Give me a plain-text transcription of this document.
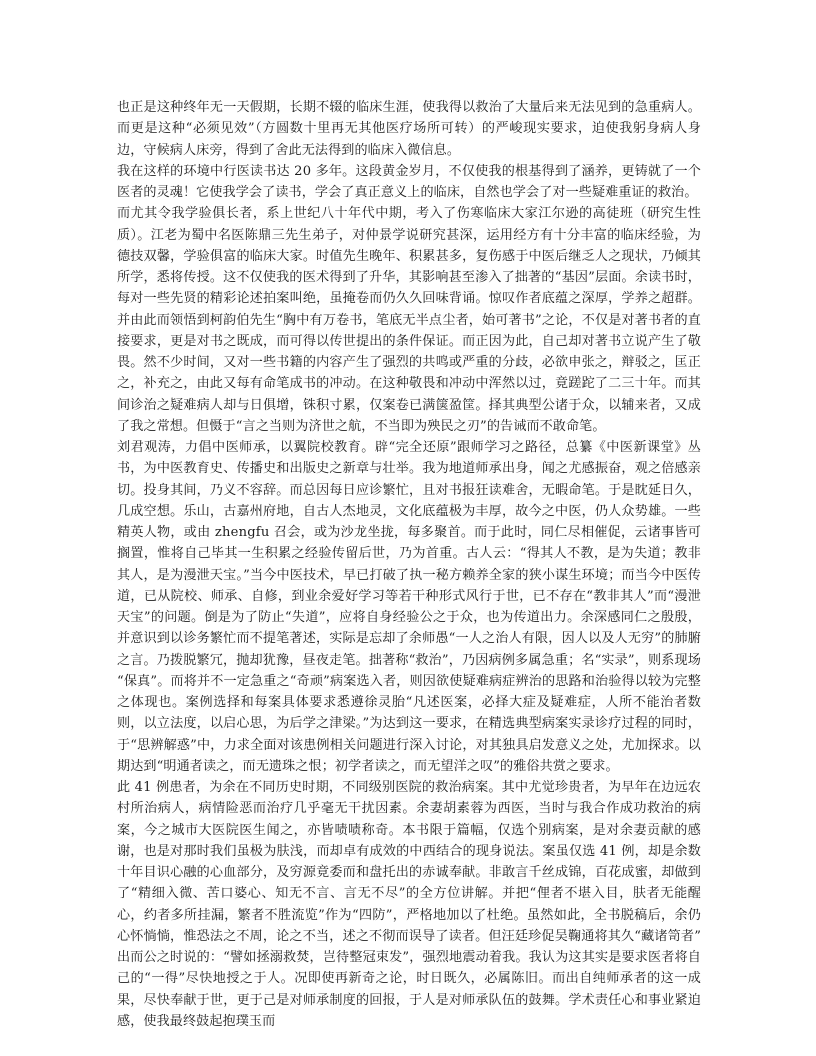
也正是这种终年无一天假期，长期不辍的临床生涯，使我得以救治了大量后来无法见到的急重病人。而更是这种“必须见效”（方圆数十里再无其他医疗场所可转）的严峻现实要求，迫使我躬身病人身边，守候病人床旁，得到了舍此无法得到的临床入微信息。

我在这样的环境中行医读书达 20 多年。这段黄金岁月，不仅使我的根基得到了涵养，更铸就了一个医者的灵魂！它使我学会了读书，学会了真正意义上的临床，自然也学会了对一些疑难重证的救治。

而尤其令我学验俱长者，系上世纪八十年代中期，考入了伤寒临床大家江尔逊的高徒班（研究生性质）。江老为蜀中名医陈鼎三先生弟子，对仲景学说研究甚深，运用经方有十分丰富的临床经验，为德技双馨，学验俱富的临床大家。时值先生晚年、积累甚多，复伤感于中医后继乏人之现状，乃倾其所学，悉将传授。这不仅使我的医术得到了升华，其影响甚至渗入了拙著的“基因”层面。余读书时，每对一些先贤的精彩论述拍案叫绝，虽掩卷而仍久久回味背诵。惊叹作者底蕴之深厚，学养之超群。并由此而领悟到柯韵伯先生“胸中有万卷书，笔底无半点尘者，始可著书”之论，不仅是对著书者的直接要求，更是对书之既成，而可得以传世提出的条件保证。而正因为此，自己却对著书立说产生了敬畏。然不少时间，又对一些书籍的内容产生了强烈的共鸣或严重的分歧，必欲申张之，辩驳之，匡正之，补充之，由此又每有命笔成书的冲动。在这种敬畏和冲动中浑然以过，竟蹉跎了二三十年。而其间诊治之疑难病人却与日俱增，铢积寸累，仅案卷已满箧盈筐。择其典型公诸于众，以辅来者，又成了我之常想。但慑于“言之当则为济世之航，不当即为殃民之刃”的告诫而不敢命笔。

刘君观涛，力倡中医师承，以翼院校教育。辟“完全还原”跟师学习之路径，总纂《中医新课堂》丛书，为中医教育史、传播史和出版史之新章与壮举。我为地道师承出身，闻之尤感振奋，观之倍感亲切。投身其间，乃义不容辞。而总因每日应诊繁忙，且对书报狂读难舍，无暇命笔。于是眈延日久，几成空想。乐山，古嘉州府地，自古人杰地灵，文化底蕴极为丰厚，故今之中医，仍人众势雄。一些精英人物，或由 zhengfu 召会，或为沙龙坐拢，每多聚首。而于此时，同仁尽相催促，云诸事皆可搁置，惟将自己毕其一生积累之经验传留后世，乃为首重。古人云：“得其人不教，是为失道；教非其人，是为漫泄天宝。”当今中医技术，早已打破了执一秘方赖养全家的狭小谋生环境；而当今中医传道，已从院校、师承、自修，到业余爱好学习等若干种形式风行于世，已不存在“教非其人”而“漫泄天宝”的问题。倒是为了防止“失道”，应将自身经验公之于众，也为传道出力。余深感同仁之殷殷，并意识到以诊务繁忙而不提笔著述，实际是忘却了余师愚“一人之治人有限，因人以及人无穷”的肺腑之言。乃拨脱繁冗，抛却犹豫，昼夜走笔。拙著称“救治”，乃因病例多属急重；名“实录”，则系现场“保真”。而将并不一定急重之“奇顽”病案选入者，则因欲使疑难病症辨治的思路和治验得以较为完整之体现也。案例选择和每案具体要求悉遵徐灵胎“凡述医案，必择大症及疑难症，人所不能治者数则，以立法度，以启心思，为后学之津梁。”为达到这一要求，在精选典型病案实录诊疗过程的同时，于“思辨解惑”中，力求全面对该患例相关问题进行深入讨论，对其独具启发意义之处，尤加探求。以期达到“明通者读之，而无遗珠之恨；初学者读之，而无望洋之叹”的雅俗共赏之要求。

此 41 例患者，为余在不同历史时期，不同级别医院的救治病案。其中尤觉珍贵者，为早年在边远农村所治病人，病情险恶而治疗几乎毫无干扰因素。余妻胡素蓉为西医，当时与我合作成功救治的病案，今之城市大医院医生闻之，亦皆啧啧称奇。本书限于篇幅，仅选个别病案，是对余妻贡献的感谢，也是对那时我们虽极为肤浅，而却卓有成效的中西结合的现身说法。案虽仅选 41 例，却是余数十年目识心融的心血部分，及穷源竟委而和盘托出的赤诚奉献。非敢言千丝成锦，百花成蜜，却做到了“精细入微、苦口婆心、知无不言、言无不尽”的全方位讲解。并把“俚者不堪入目，肤者无能醒心，约者多所挂漏，繁者不胜流览”作为“四防”，严格地加以了杜绝。虽然如此，全书脱稿后，余仍心怀惝惝，惟恐法之不周，论之不当，述之不彻而误导了读者。但汪廷珍促吴鞠通将其久“藏诸笥者”出而公之时说的：“譬如拯溺救焚，岂待整冠束发”，强烈地震动着我。我认为这其实是要求医者将自己的“一得”尽快地授之于人。况即使再新奇之论，时日既久，必属陈旧。而出自纯师承者的这一成果，尽快奉献于世，更于己是对师承制度的回报，于人是对师承队伍的鼓舞。学术责任心和事业紧迫感，使我最终鼓起抱璞玉而
